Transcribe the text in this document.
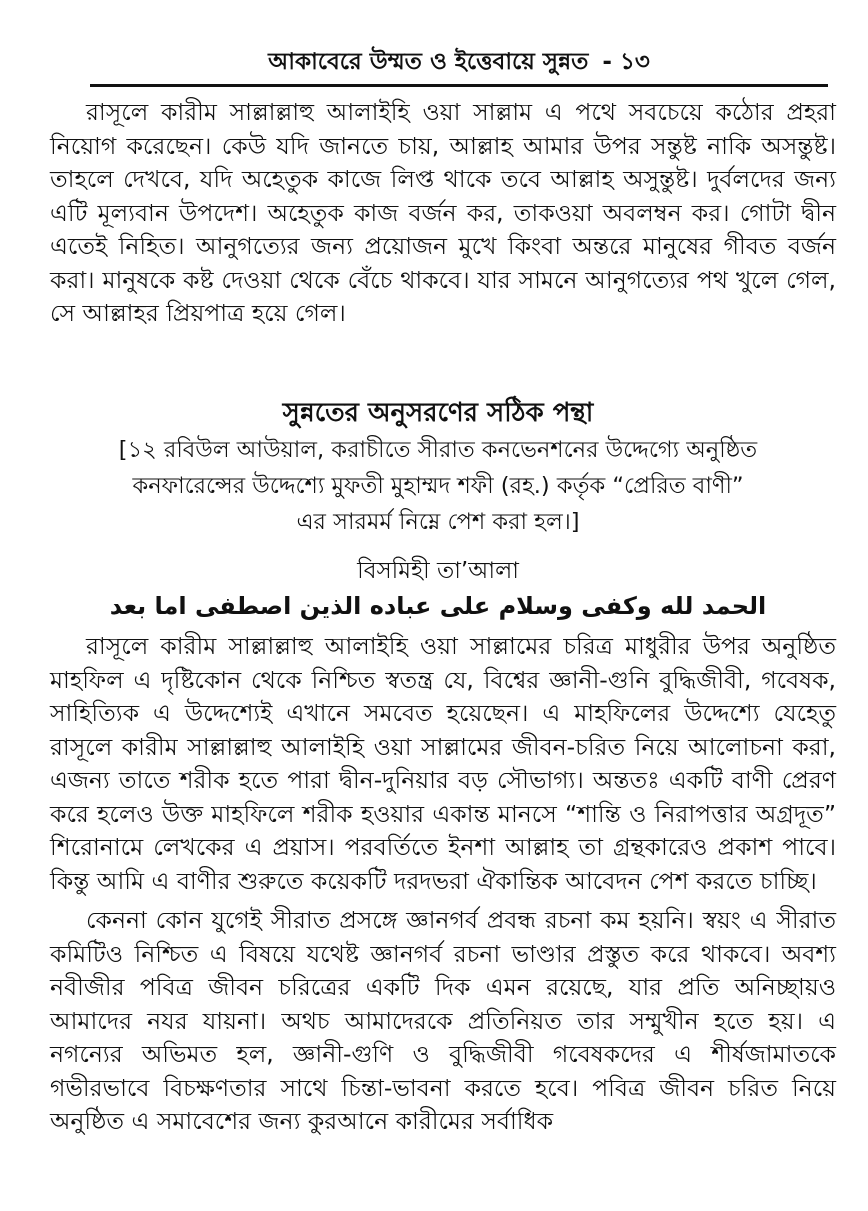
আকাবেরে উম্মত ও ইত্তেবায়ে সুন্নত - ১৩

রাসূলে কারীম সাল্লাল্লাহু আলাইহি ওয়া সাল্লাম এ পথে সবচেয়ে কঠোর প্রহরা নিয়োগ করেছেন। কেউ যদি জানতে চায়, আল্লাহ আমার উপর সন্তুষ্ট নাকি অসন্তুষ্ট। তাহলে দেখবে, যদি অহেতুক কাজে লিপ্ত থাকে তবে আল্লাহ অসুন্তুষ্ট। দুর্বলদের জন্য এটি মূল্যবান উপদেশ। অহেতুক কাজ বর্জন কর, তাকওয়া অবলম্বন কর। গোটা দ্বীন এতেই নিহিত। আনুগত্যের জন্য প্রয়োজন মুখে কিংবা অন্তরে মানুষের গীবত বর্জন করা। মানুষকে কষ্ট দেওয়া থেকে বেঁচে থাকবে। যার সামনে আনুগত্যের পথ খুলে গেল, সে আল্লাহর প্রিয়পাত্র হয়ে গেল।

সুন্নতের অনুসরণের সঠিক পন্থা
[১২ রবিউল আউয়াল, করাচীতে সীরাত কনভেনশনের উদ্দেগ্যে অনুষ্ঠিত
কনফারেন্সের উদ্দেশ্যে মুফতী মুহাম্মদ শফী (রহ.) কর্তৃক “প্রেরিত বাণী”
এর সারমর্ম নিম্নে পেশ করা হল।]
বিসমিহী তা’আলা
الحمد لله وكفى وسلام على عباده الذين اصطفى اما بعد

রাসূলে কারীম সাল্লাল্লাহু আলাইহি ওয়া সাল্লামের চরিত্র মাধুরীর উপর অনুষ্ঠিত মাহফিল এ দৃষ্টিকোন থেকে নিশ্চিত স্বতন্ত্র যে, বিশ্বের জ্ঞানী-গুনি বুদ্ধিজীবী, গবেষক, সাহিত্যিক এ উদ্দেশ্যেই এখানে সমবেত হয়েছেন। এ মাহফিলের উদ্দেশ্যে যেহেতু রাসূলে কারীম সাল্লাল্লাহু আলাইহি ওয়া সাল্লামের জীবন-চরিত নিয়ে আলোচনা করা, এজন্য তাতে শরীক হতে পারা দ্বীন-দুনিয়ার বড় সৌভাগ্য। অন্ততঃ একটি বাণী প্রেরণ করে হলেও উক্ত মাহফিলে শরীক হওয়ার একান্ত মানসে “শান্তি ও নিরাপত্তার অগ্রদূত” শিরোনামে লেখকের এ প্রয়াস। পরবর্তিতে ইনশা আল্লাহ তা গ্রন্থকারেও প্রকাশ পাবে। কিন্তু আমি এ বাণীর শুরুতে কয়েকটি দরদভরা ঐকান্তিক আবেদন পেশ করতে চাচ্ছি।

কেননা কোন যুগেই সীরাত প্রসঙ্গে জ্ঞানগর্ব প্রবন্ধ রচনা কম হয়নি। স্বয়ং এ সীরাত কমিটিও নিশ্চিত এ বিষয়ে যথেষ্ট জ্ঞানগর্ব রচনা ভাণ্ডার প্রস্তুত করে থাকবে। অবশ্য নবীজীর পবিত্র জীবন চরিত্রের একটি দিক এমন রয়েছে, যার প্রতি অনিচ্ছায়ও আমাদের নযর যায়না। অথচ আমাদেরকে প্রতিনিয়ত তার সম্মুখীন হতে হয়। এ নগন্যের অভিমত হল, জ্ঞানী-গুণি ও বুদ্ধিজীবী গবেষকদের এ শীর্ষজামাতকে গভীরভাবে বিচক্ষণতার সাথে চিন্তা-ভাবনা করতে হবে। পবিত্র জীবন চরিত নিয়ে অনুষ্ঠিত এ সমাবেশের জন্য কুরআনে কারীমের সর্বাধিক
